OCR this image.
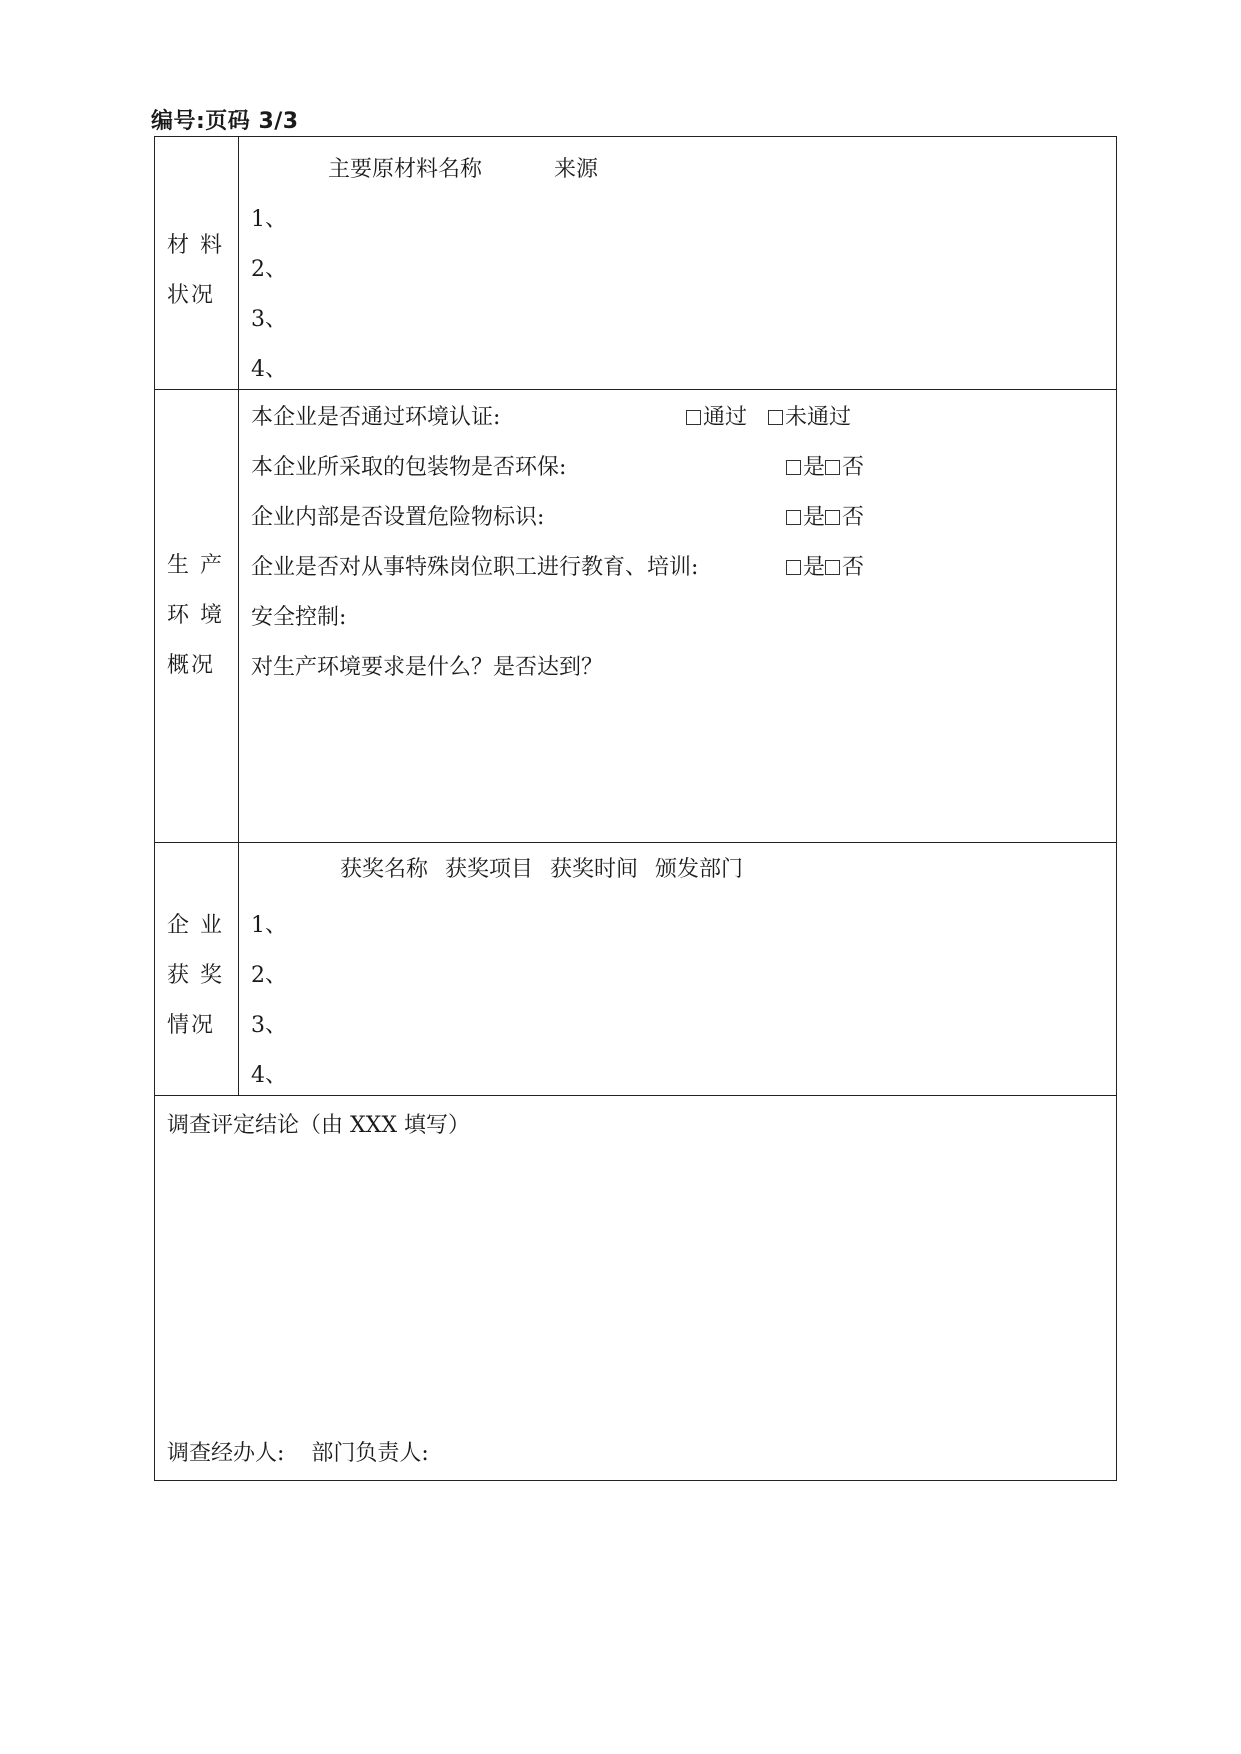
编号:页码 3/3
材 料
状况
主要原材料名称	来源
1、
2、
3、
4、
生 产
环 境
概况
本企业是否通过环境认证:	通过 未通过
本企业所采取的包装物是否环保:	是 否
企业内部是否设置危险物标识:	是 否
企业是否对从事特殊岗位职工进行教育、培训:	是 否
安全控制:
对生产环境要求是什么？是否达到？
企 业
获 奖
情况
获奖名称 获奖项目 获奖时间 颁发部门
1、
2、
3、
4、
调查评定结论（由 XXX 填写）
调查经办人: 部门负责人:
